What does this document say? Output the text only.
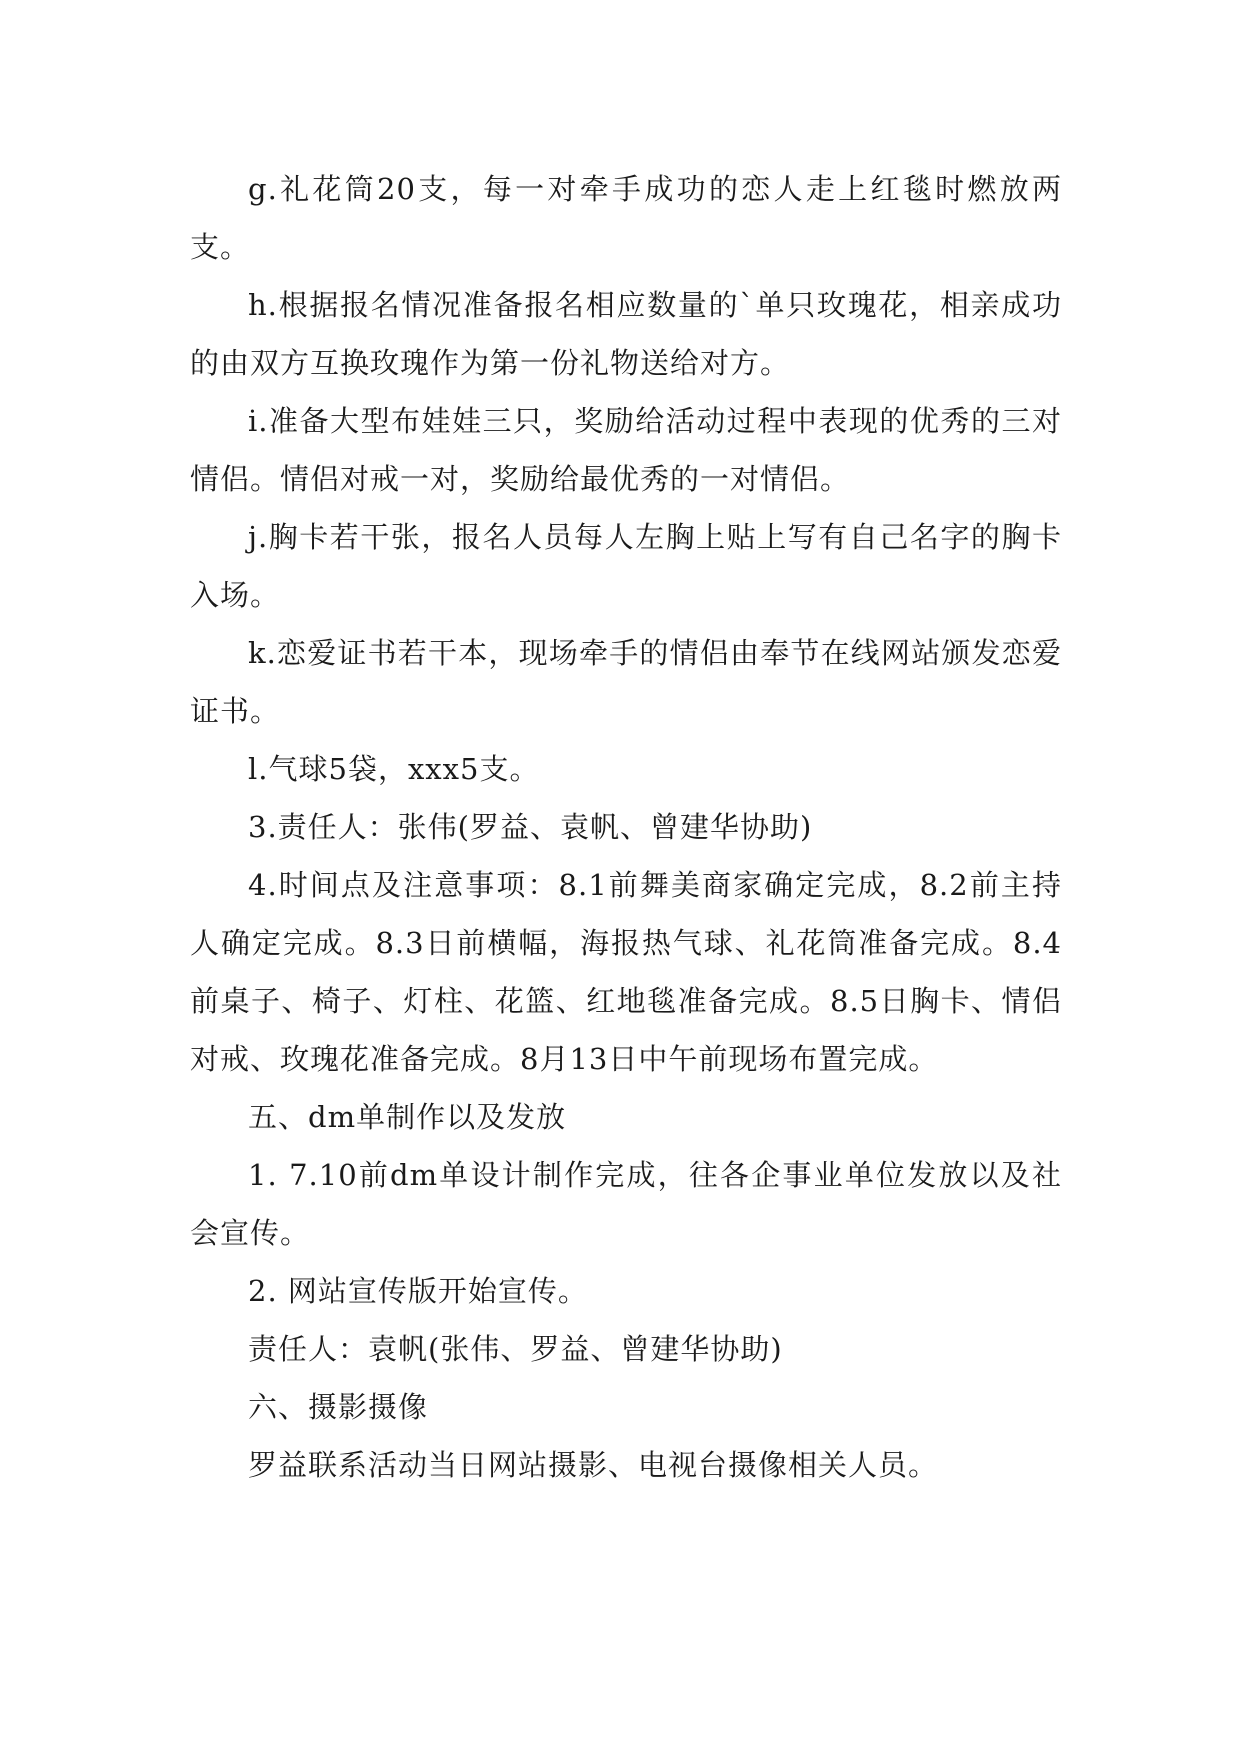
g.礼花筒20支，每一对牵手成功的恋人走上红毯时燃放两支。

h.根据报名情况准备报名相应数量的`单只玫瑰花，相亲成功的由双方互换玫瑰作为第一份礼物送给对方。

i.准备大型布娃娃三只，奖励给活动过程中表现的优秀的三对情侣。情侣对戒一对，奖励给最优秀的一对情侣。

j.胸卡若干张，报名人员每人左胸上贴上写有自己名字的胸卡入场。

k.恋爱证书若干本，现场牵手的情侣由奉节在线网站颁发恋爱证书。

l.气球5袋，xxx5支。

3.责任人：张伟(罗益、袁帆、曾建华协助)

4.时间点及注意事项：8.1前舞美商家确定完成，8.2前主持人确定完成。8.3日前横幅，海报热气球、礼花筒准备完成。8.4前桌子、椅子、灯柱、花篮、红地毯准备完成。8.5日胸卡、情侣对戒、玫瑰花准备完成。8月13日中午前现场布置完成。

五、dm单制作以及发放

1. 7.10前dm单设计制作完成，往各企事业单位发放以及社会宣传。

2. 网站宣传版开始宣传。

责任人：袁帆(张伟、罗益、曾建华协助)

六、摄影摄像

罗益联系活动当日网站摄影、电视台摄像相关人员。
